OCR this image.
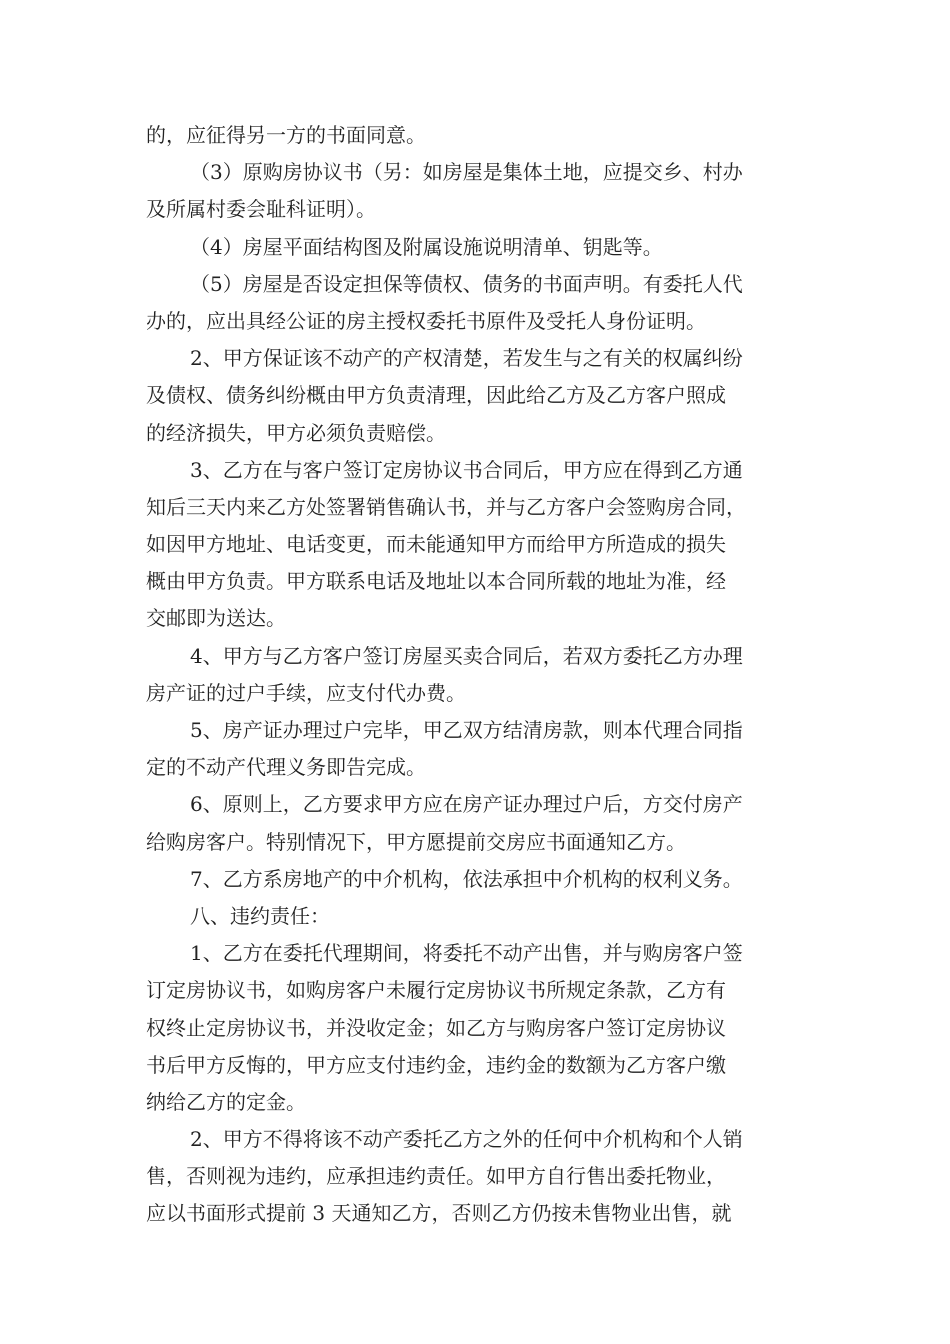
的，应征得另一方的书面同意。
（3）原购房协议书（另：如房屋是集体土地，应提交乡、村办
及所属村委会耻科证明）。
（4）房屋平面结构图及附属设施说明清单、钥匙等。
（5）房屋是否设定担保等债权、债务的书面声明。有委托人代
办的，应出具经公证的房主授权委托书原件及受托人身份证明。
2、甲方保证该不动产的产权清楚，若发生与之有关的权属纠纷
及债权、债务纠纷概由甲方负责清理，因此给乙方及乙方客户照成
的经济损失，甲方必须负责赔偿。
3、乙方在与客户签订定房协议书合同后，甲方应在得到乙方通
知后三天内来乙方处签署销售确认书，并与乙方客户会签购房合同，
如因甲方地址、电话变更，而未能通知甲方而给甲方所造成的损失
概由甲方负责。甲方联系电话及地址以本合同所载的地址为准，经
交邮即为送达。
4、甲方与乙方客户签订房屋买卖合同后，若双方委托乙方办理
房产证的过户手续，应支付代办费。
5、房产证办理过户完毕，甲乙双方结清房款，则本代理合同指
定的不动产代理义务即告完成。
6、原则上，乙方要求甲方应在房产证办理过户后，方交付房产
给购房客户。特别情况下，甲方愿提前交房应书面通知乙方。
7、乙方系房地产的中介机构，依法承担中介机构的权利义务。
八、违约责任：
1、乙方在委托代理期间，将委托不动产出售，并与购房客户签
订定房协议书，如购房客户未履行定房协议书所规定条款，乙方有
权终止定房协议书，并没收定金；如乙方与购房客户签订定房协议
书后甲方反悔的，甲方应支付违约金，违约金的数额为乙方客户缴
纳给乙方的定金。
2、甲方不得将该不动产委托乙方之外的任何中介机构和个人销
售，否则视为违约，应承担违约责任。如甲方自行售出委托物业，
应以书面形式提前 3 天通知乙方，否则乙方仍按未售物业出售，就
